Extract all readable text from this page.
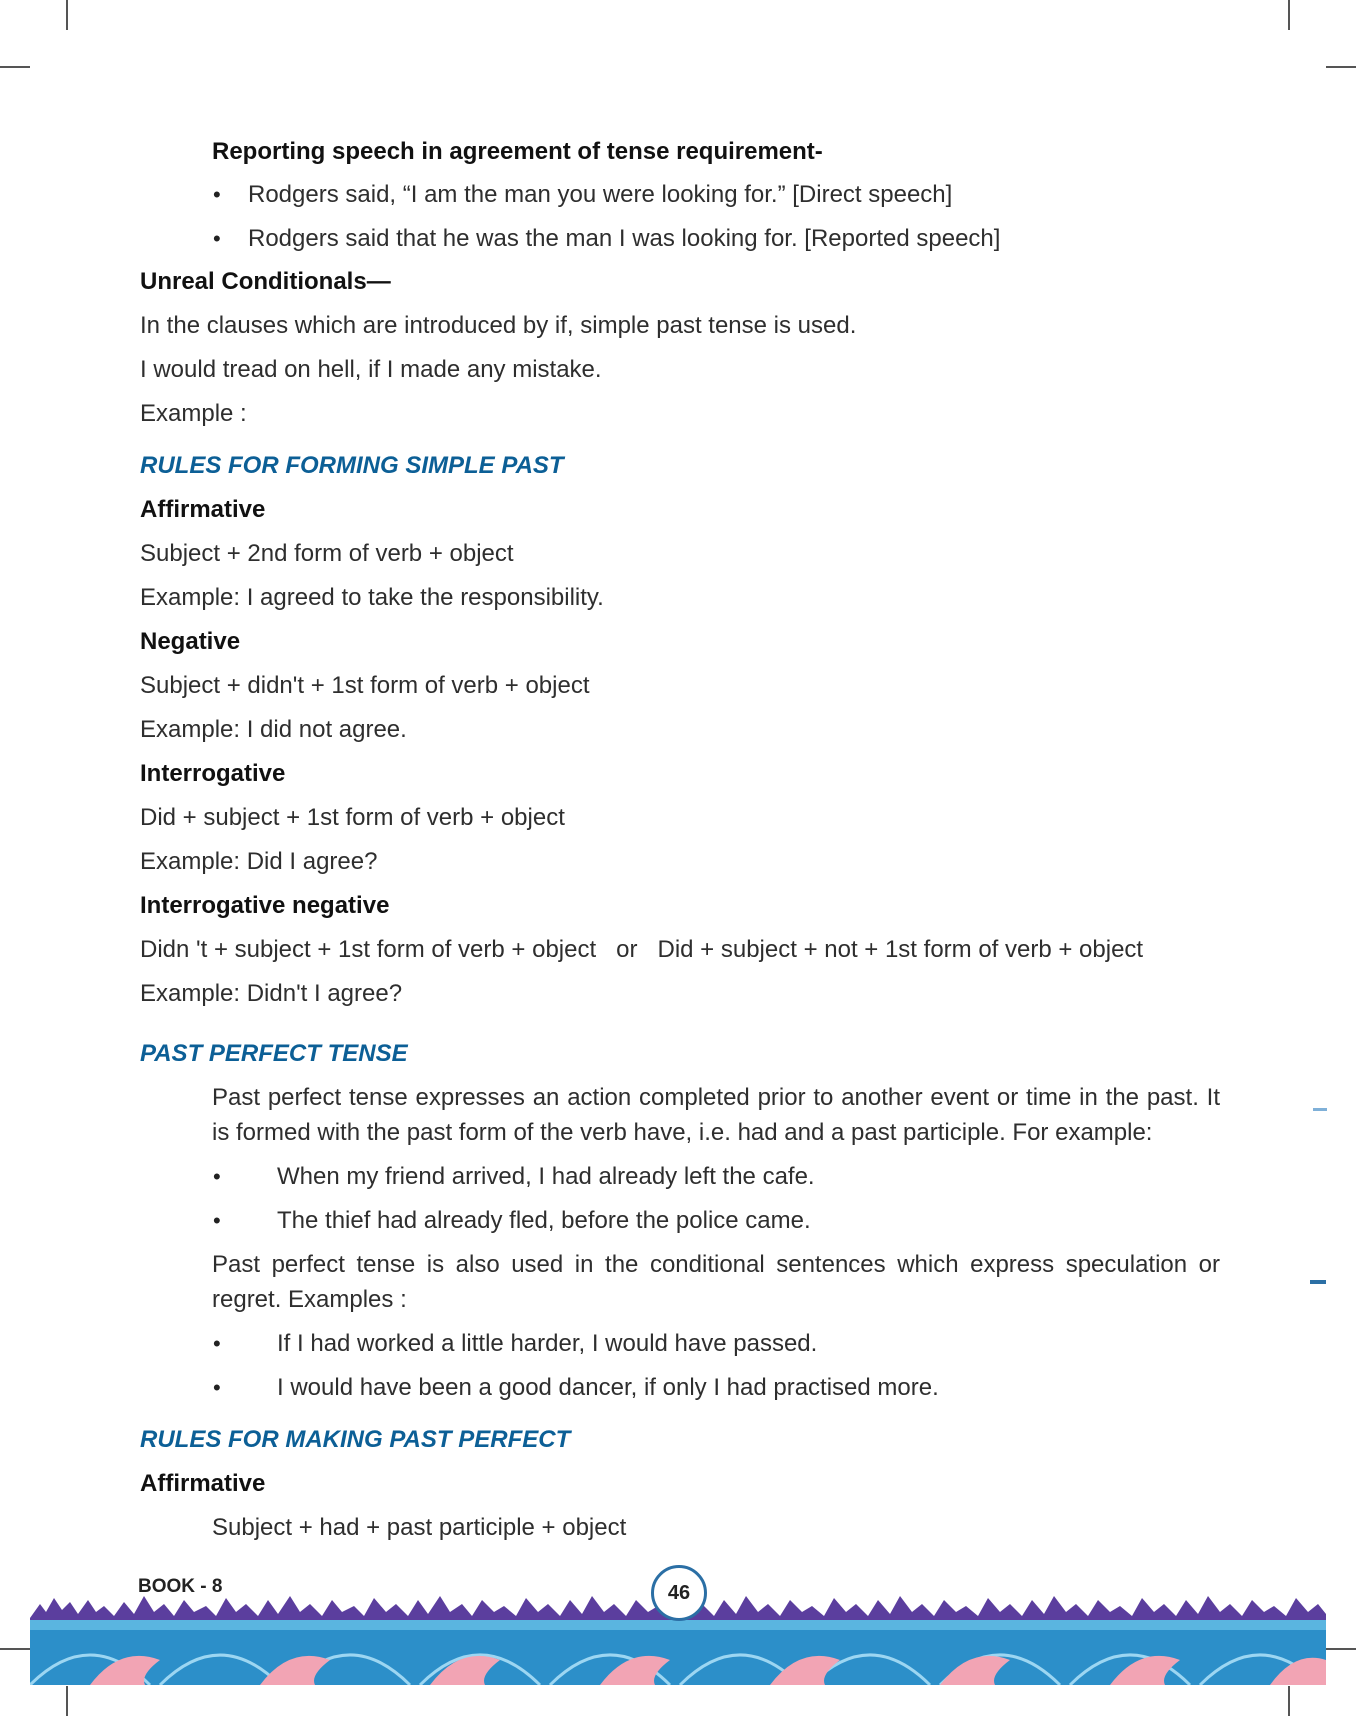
Reporting speech in agreement of tense requirement-
• Rodgers said, “I am the man you were looking for.” [Direct speech]
• Rodgers said that he was the man I was looking for. [Reported speech]
Unreal Conditionals—
In the clauses which are introduced by if, simple past tense is used.
I would tread on hell, if I made any mistake.
Example :
RULES FOR FORMING SIMPLE PAST
Affirmative
Subject + 2nd form of verb + object
Example: I agreed to take the responsibility.
Negative
Subject + didn't + 1st form of verb + object
Example: I did not agree.
Interrogative
Did + subject + 1st form of verb + object
Example: Did I agree?
Interrogative negative
Didn 't + subject + 1st form of verb + object   or   Did + subject + not + 1st form of verb + object
Example: Didn't I agree?
PAST PERFECT TENSE
Past perfect tense expresses an action completed prior to another event or time in the past. It is formed with the past form of the verb have, i.e. had and a past participle. For example:
• When my friend arrived, I had already left the cafe.
• The thief had already fled, before the police came.
Past perfect tense is also used in the conditional sentences which express speculation or regret. Examples :
• If I had worked a little harder, I would have passed.
• I would have been a good dancer, if only I had practised more.
RULES FOR MAKING PAST PERFECT
Affirmative
Subject + had + past participle + object
BOOK - 8	46
